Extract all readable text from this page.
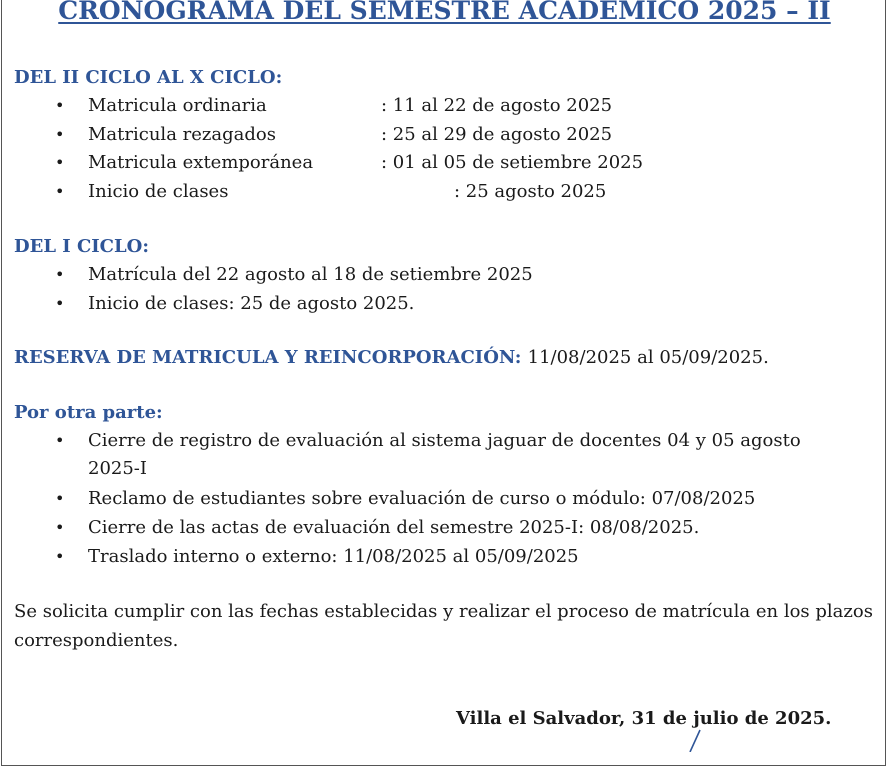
CRONOGRAMA DEL SEMESTRE ACADEMICO 2025 – II
DEL II CICLO AL X CICLO:
• Matricula ordinaria	: 11 al 22 de agosto 2025
• Matricula rezagados	: 25 al 29 de agosto 2025
• Matricula extemporánea	: 01 al 05 de setiembre 2025
• Inicio de clases	: 25 agosto 2025
DEL I CICLO:
• Matrícula del 22 agosto al 18 de setiembre 2025
• Inicio de clases: 25 de agosto 2025.
RESERVA DE MATRICULA Y REINCORPORACIÓN: 11/08/2025 al 05/09/2025.
Por otra parte:
• Cierre de registro de evaluación al sistema jaguar de docentes 04 y 05 agosto 2025-I
• Reclamo de estudiantes sobre evaluación de curso o módulo: 07/08/2025
• Cierre de las actas de evaluación del semestre 2025-I: 08/08/2025.
• Traslado interno o externo: 11/08/2025 al 05/09/2025
Se solicita cumplir con las fechas establecidas y realizar el proceso de matrícula en los plazos correspondientes.
Villa el Salvador, 31 de julio de 2025.
